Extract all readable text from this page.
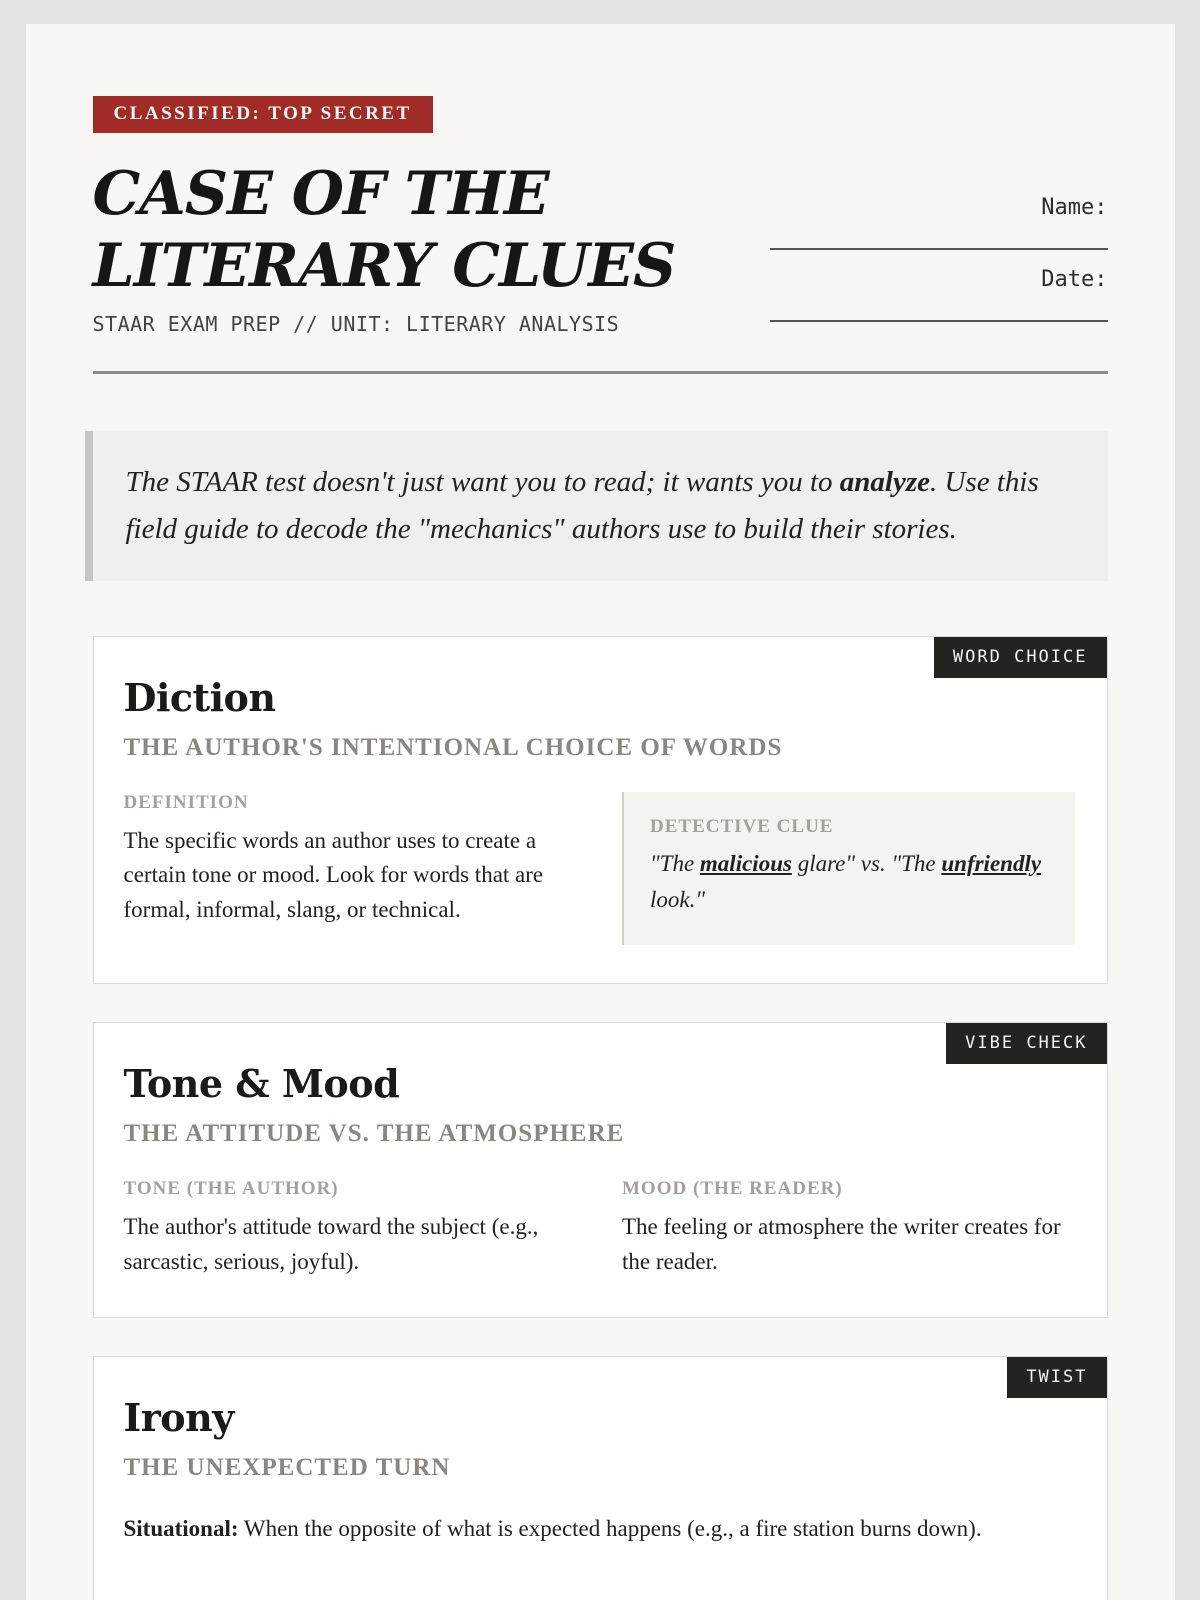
CLASSIFIED: TOP SECRET
CASE OF THE
LITERARY CLUES
STAAR EXAM PREP // UNIT: LITERARY ANALYSIS
Name:
Date:

The STAAR test doesn't just want you to read; it wants you to analyze. Use this field guide to decode the "mechanics" authors use to build their stories.

WORD CHOICE
Diction
THE AUTHOR'S INTENTIONAL CHOICE OF WORDS
DEFINITION

The specific words an author uses to create a certain tone or mood. Look for words that are formal, informal, slang, or technical.

DETECTIVE CLUE

"The malicious glare" vs. "The unfriendly look."

VIBE CHECK
Tone & Mood
THE ATTITUDE VS. THE ATMOSPHERE
TONE (THE AUTHOR)

The author's attitude toward the subject (e.g., sarcastic, serious, joyful).

MOOD (THE READER)

The feeling or atmosphere the writer creates for the reader.

TWIST
Irony
THE UNEXPECTED TURN

Situational: When the opposite of what is expected happens (e.g., a fire station burns down).
